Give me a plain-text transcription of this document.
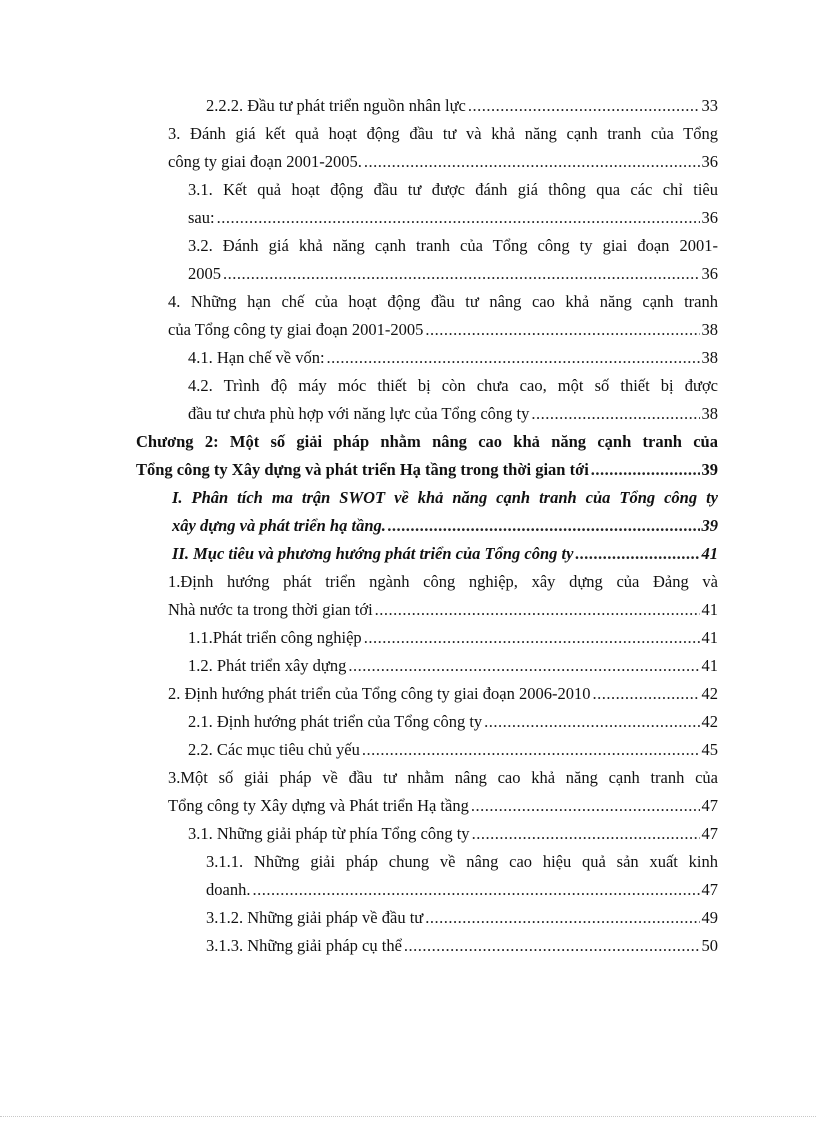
2.2.2. Đầu tư phát triển nguồn nhân lực .....	33
3. Đánh giá kết quả hoạt động đầu tư và khả năng cạnh tranh của Tổng
công ty giai đoạn 2001-2005. .....	36
3.1. Kết quả hoạt động đầu tư được đánh giá thông qua các chỉ tiêu
sau: .....	36
3.2. Đánh giá khả năng cạnh tranh của Tổng công ty giai đoạn 2001-
2005 .....	36
4. Những hạn chế của hoạt động đầu tư nâng cao khả năng cạnh tranh
của Tổng công ty giai đoạn 2001-2005 .....	38
4.1. Hạn chế về vốn: .....	38
4.2. Trình độ máy móc thiết bị còn chưa cao, một số thiết bị được
đầu tư chưa phù hợp với năng lực của Tổng công ty .....	38
Chương 2: Một số giải pháp nhằm nâng cao khả năng cạnh tranh của
Tổng công ty Xây dựng và phát triển Hạ tầng trong thời gian tới .....	39
I. Phân tích ma trận SWOT về khả năng cạnh tranh của Tổng công ty
xây dựng và phát triển hạ tầng. .....	39
II. Mục tiêu và phương hướng phát triển của Tổng công ty .....	41
1.Định hướng phát triển ngành công nghiệp, xây dựng của Đảng và
Nhà nước ta trong thời gian tới .....	41
1.1.Phát triển công nghiệp .....	41
1.2. Phát triển xây dựng .....	41
2. Định hướng phát triển của Tổng công ty giai đoạn 2006-2010 .....	42
2.1. Định hướng phát triển của Tổng công ty .....	42
2.2. Các mục tiêu chủ yếu .....	45
3.Một số giải pháp về đầu tư nhằm nâng cao khả năng cạnh tranh của
Tổng công ty Xây dựng và Phát triển Hạ tầng .....	47
3.1. Những giải pháp từ phía Tổng công ty .....	47
3.1.1. Những giải pháp chung về nâng cao hiệu quả sản xuất kinh
doanh. .....	47
3.1.2. Những giải pháp về đầu tư .....	49
3.1.3. Những giải pháp cụ thể .....	50
